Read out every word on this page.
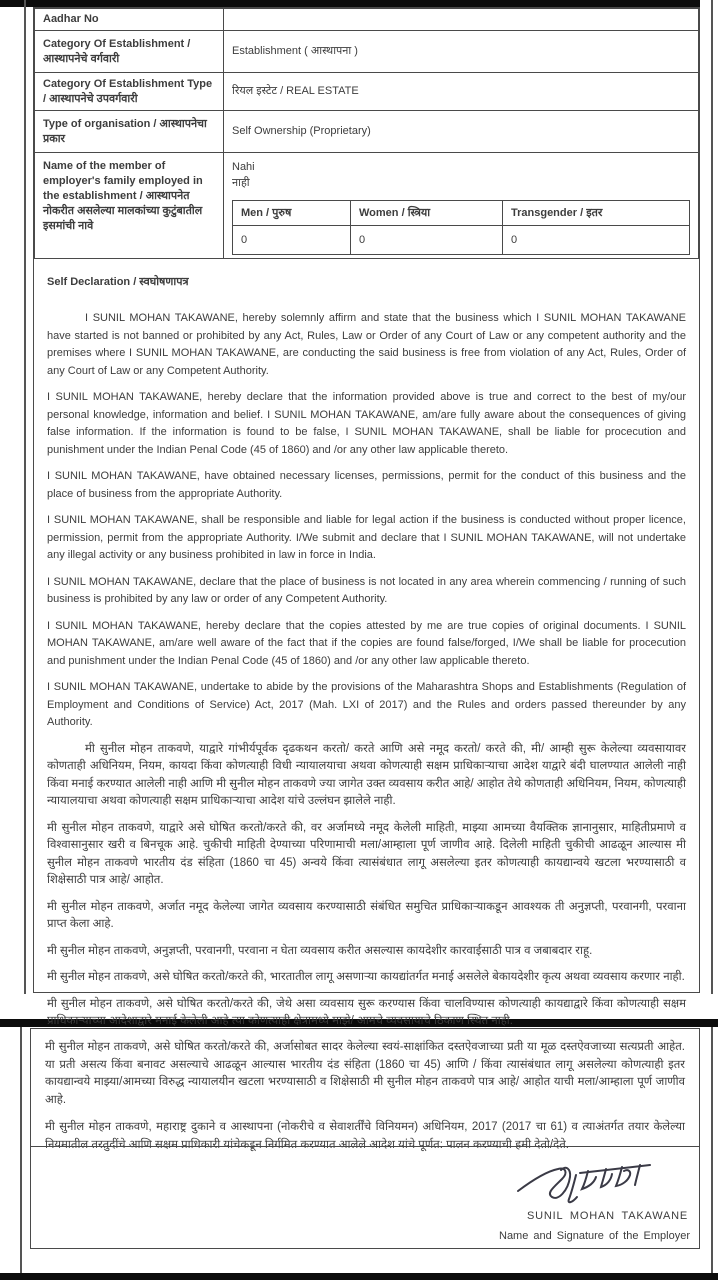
Aadhar No	
Category Of Establishment / आस्थापनेचे वर्गवारी	Establishment ( आस्थापना )
Category Of Establishment Type / आस्थापनेचे उपवर्गवारी	रियल इस्टेट / REAL ESTATE
Type of organisation / आस्थापनेचा प्रकार	Self Ownership (Proprietary)
Name of the member of employer's family employed in the establishment / आस्थापनेत नोकरीत असलेल्या मालकांच्या कुटुंबातील इसमांची नावे	
Nahi
नाही
Men / पुरुष	Women / स्त्रिया	Transgender / इतर
0	0	0
Self Declaration / स्वघोषणापत्र

I SUNIL MOHAN TAKAWANE, hereby solemnly affirm and state that the business which I SUNIL MOHAN TAKAWANE have started is not banned or prohibited by any Act, Rules, Law or Order of any Court of Law or any competent authority and the premises where I SUNIL MOHAN TAKAWANE, are conducting the said business is free from violation of any Act, Rules, Order of any Court of Law or any Competent Authority.

I SUNIL MOHAN TAKAWANE, hereby declare that the information provided above is true and correct to the best of my/our personal knowledge, information and belief. I SUNIL MOHAN TAKAWANE, am/are fully aware about the consequences of giving false information. If the information is found to be false, I SUNIL MOHAN TAKAWANE, shall be liable for procecution and punishment under the Indian Penal Code (45 of 1860) and /or any other law applicable thereto.

I SUNIL MOHAN TAKAWANE, have obtained necessary licenses, permissions, permit for the conduct of this business and the place of business from the appropriate Authority.

I SUNIL MOHAN TAKAWANE, shall be responsible and liable for legal action if the business is conducted without proper licence, permission, permit from the appropriate Authority. I/We submit and declare that I SUNIL MOHAN TAKAWANE, will not undertake any illegal activity or any business prohibited in law in force in India.

I SUNIL MOHAN TAKAWANE, declare that the place of business is not located in any area wherein commencing / running of such business is prohibited by any law or order of any Competent Authority.

I SUNIL MOHAN TAKAWANE, hereby declare that the copies attested by me are true copies of original documents. I SUNIL MOHAN TAKAWANE, am/are well aware of the fact that if the copies are found false/forged, I/We shall be liable for procecution and punishment under the Indian Penal Code (45 of 1860) and /or any other law applicable thereto.

I SUNIL MOHAN TAKAWANE, undertake to abide by the provisions of the Maharashtra Shops and Establishments (Regulation of Employment and Conditions of Service) Act, 2017 (Mah. LXI of 2017) and the Rules and orders passed thereunder by any Authority.

मी सुनील मोहन ताकवणे, याद्वारे गांभीर्यपूर्वक दृढकथन करतो/ करते आणि असे नमूद करतो/ करते की, मी/ आम्ही सुरू केलेल्या व्यवसायावर कोणताही अधिनियम, नियम, कायदा किंवा कोणत्याही विधी न्यायालयाचा अथवा कोणत्याही सक्षम प्राधिकाऱ्याचा आदेश याद्वारे बंदी घालण्यात आलेली नाही किंवा मनाई करण्यात आलेली नाही आणि मी सुनील मोहन ताकवणे ज्या जागेत उक्त व्यवसाय करीत आहे/ आहोत तेथे कोणताही अधिनियम, नियम, कोणत्याही न्यायालयाचा अथवा कोणत्याही सक्षम प्राधिकाऱ्याचा आदेश यांचे उल्लंघन झालेले नाही.

मी सुनील मोहन ताकवणे, याद्वारे असे घोषित करतो/करते की, वर अर्जामध्ये नमूद केलेली माहिती, माझ्या आमच्या वैयक्तिक ज्ञानानुसार, माहितीप्रमाणे व विश्वासानुसार खरी व बिनचूक आहे. चुकीची माहिती देण्याच्या परिणामाची मला/आम्हाला पूर्ण जाणीव आहे. दिलेली माहिती चुकीची आढळून आल्यास मी सुनील मोहन ताकवणे भारतीय दंड संहिता (1860 चा 45) अन्वये किंवा त्यासंबंधात लागू असलेल्या इतर कोणत्याही कायद्यान्वये खटला भरण्यासाठी व शिक्षेसाठी पात्र आहे/ आहोत.

मी सुनील मोहन ताकवणे, अर्जात नमूद केलेल्या जागेत व्यवसाय करण्यासाठी संबंधित समुचित प्राधिकाऱ्याकडून आवश्यक ती अनुज्ञप्ती, परवानगी, परवाना प्राप्त केला आहे.

मी सुनील मोहन ताकवणे, अनुज्ञप्ती, परवानगी, परवाना न घेता व्यवसाय करीत असल्यास कायदेशीर कारवाईसाठी पात्र व जबाबदार राहू.

मी सुनील मोहन ताकवणे, असे घोषित करतो/करते की, भारतातील लागू असणाऱ्या कायद्यांतर्गत मनाई असलेले बेकायदेशीर कृत्य अथवा व्यवसाय करणार नाही.

मी सुनील मोहन ताकवणे, असे घोषित करतो/करते की, जेथे असा व्यवसाय सुरू करण्यास किंवा चालविण्यास कोणत्याही कायद्याद्वारे किंवा कोणत्याही सक्षम प्राधिकाऱ्याच्या आदेशाद्वारे मनाई केलेली आहे त्या कोणत्याही क्षेत्रामध्ये माझे/ आमचे व्यवसायाचे ठिकाण स्थित नाही.

मी सुनील मोहन ताकवणे, असे घोषित करतो/करते की, अर्जासोबत सादर केलेल्या स्वयं-साक्षांकित दस्तऐवजाच्या प्रती या मूळ दस्तऐवजाच्या सत्यप्रती आहेत. या प्रती असत्य किंवा बनावट असल्याचे आढळून आल्यास भारतीय दंड संहिता (1860 चा 45) आणि / किंवा त्यासंबंधात लागू असलेल्या कोणत्याही इतर कायद्यान्वये माझ्या/आमच्या विरुद्ध न्यायालयीन खटला भरण्यासाठी व शिक्षेसाठी मी सुनील मोहन ताकवणे पात्र आहे/ आहोत याची मला/आम्हाला पूर्ण जाणीव आहे.

मी सुनील मोहन ताकवणे, महाराष्ट्र दुकाने व आस्थापना (नोकरीचे व सेवाशर्तींचे विनियमन) अधिनियम, 2017 (2017 चा 61) व त्याअंतर्गत तयार केलेल्या नियमातील तरतुदींचे आणि सक्षम प्राधिकारी यांचेकडून निर्गमित करण्यात आलेले आदेश यांचे पूर्णत: पालन करण्याची हमी देतो/देते.

SUNIL MOHAN TAKAWANE
Name and Signature of the Employer
